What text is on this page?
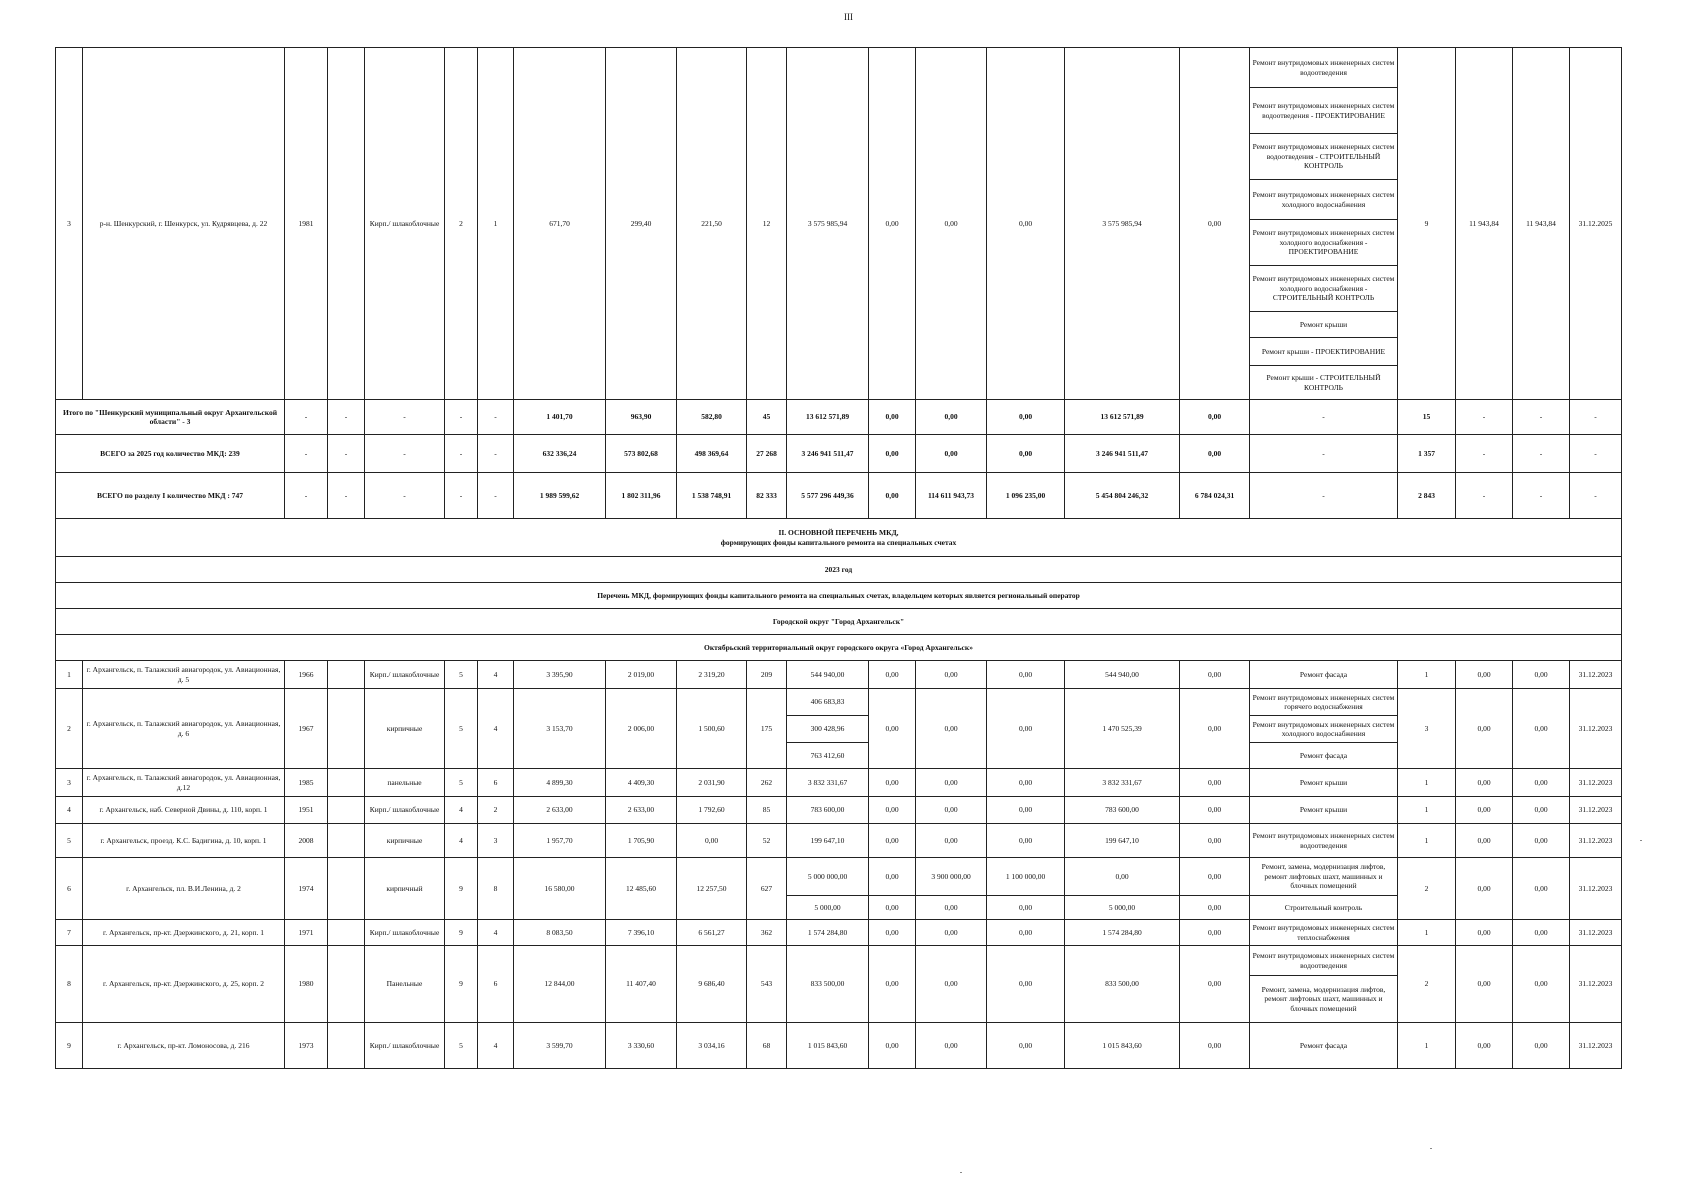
III
3	р-н. Шенкурский, г. Шенкурск, ул. Кудрявцева, д. 22	1981		Кирп./ шлакоблочные	2	1	671,70	299,40	221,50	12	3 575 985,94	0,00	0,00	0,00	3 575 985,94	0,00	Ремонт внутридомовых инженерных систем водоотведения	9	11 943,84	11 943,84	31.12.2025
																	Ремонт внутридомовых инженерных систем водоотведения - ПРОЕКТИРОВАНИЕ				
																	Ремонт внутридомовых инженерных систем водоотведения - СТРОИТЕЛЬНЫЙ КОНТРОЛЬ				
																	Ремонт внутридомовых инженерных систем холодного водоснабжения				
																	Ремонт внутридомовых инженерных систем холодного водоснабжения - ПРОЕКТИРОВАНИЕ				
																	Ремонт внутридомовых инженерных систем холодного водоснабжения - СТРОИТЕЛЬНЫЙ КОНТРОЛЬ				
																	Ремонт крыши				
																	Ремонт крыши - ПРОЕКТИРОВАНИЕ				
																	Ремонт крыши - СТРОИТЕЛЬНЫЙ КОНТРОЛЬ				
Итого по "Шенкурский муниципальный округ Архангельской области" - 3		-	-	-	-	-	1 401,70	963,90	582,80	45	13 612 571,89	0,00	0,00	0,00	13 612 571,89	0,00	-	15	-	-	-
ВСЕГО за 2025 год количество МКД: 239		-	-	-	-	-	632 336,24	573 802,68	498 369,64	27 268	3 246 941 511,47	0,00	0,00	0,00	3 246 941 511,47	0,00	-	1 357	-	-	-
ВСЕГО по разделу I количество МКД : 747		-	-	-	-	-	1 989 599,62	1 802 311,96	1 538 748,91	82 333	5 577 296 449,36	0,00	114 611 943,73	1 096 235,00	5 454 804 246,32	6 784 024,31	-	2 843	-	-	-

II. ОСНОВНОЙ ПЕРЕЧЕНЬ МКД,
формирующих фонды капитального ремонта на специальных счетах																					

2023 год																					
Перечень МКД, формирующих фонды капитального ремонта на специальных счетах, владельцем которых является региональный оператор																					
Городской округ "Город Архангельск"																					
Октябрьский территориальный округ городского округа «Город Архангельск»																					
1	г. Архангельск, п. Талажский авиагородок, ул. Авиационная, д. 5	1966		Кирп./ шлакоблочные	5	4	3 395,90	2 019,00	2 319,20	209	544 940,00	0,00	0,00	0,00	544 940,00	0,00	Ремонт фасада	1	0,00	0,00	31.12.2023
2	г. Архангельск, п. Талажский авиагородок, ул. Авиационная, д. 6	1967		кирпичные	5	4	3 153,70	2 006,00	1 500,60	175	406 683,83	0,00	0,00	0,00	1 470 525,39	0,00	Ремонт внутридомовых инженерных систем горячего водоснабжения	3	0,00	0,00	31.12.2023
											300 428,96						Ремонт внутридомовых инженерных систем холодного водоснабжения				
											763 412,60						Ремонт фасада				
3	г. Архангельск, п. Талажский авиагородок, ул. Авиационная, д.12	1985		панельные	5	6	4 899,30	4 409,30	2 031,90	262	3 832 331,67	0,00	0,00	0,00	3 832 331,67	0,00	Ремонт крыши	1	0,00	0,00	31.12.2023
4	г. Архангельск, наб. Северной Двины, д. 110, корп. 1	1951		Кирп./ шлакоблочные	4	2	2 633,00	2 633,00	1 792,60	85	783 600,00	0,00	0,00	0,00	783 600,00	0,00	Ремонт крыши	1	0,00	0,00	31.12.2023
5	г. Архангельск, проезд. К.С. Бадигина, д. 10, корп. 1	2008		кирпичные	4	3	1 957,70	1 705,90	0,00	52	199 647,10	0,00	0,00	0,00	199 647,10	0,00	Ремонт внутридомовых инженерных систем водоотведения	1	0,00	0,00	31.12.2023
6	г. Архангельск, пл. В.И.Ленина, д. 2	1974		кирпичный	9	8	16 580,00	12 485,60	12 257,50	627	5 000 000,00	0,00	3 900 000,00	1 100 000,00	0,00	0,00	Ремонт, замена, модернизация лифтов, ремонт лифтовых шахт, машинных и блочных помещений	2	0,00	0,00	31.12.2023
											5 000,00	0,00	0,00	0,00	5 000,00	0,00	Строительный контроль				
7	г. Архангельск, пр-кт. Дзержинского, д. 21, корп. 1	1971		Кирп./ шлакоблочные	9	4	8 083,50	7 396,10	6 561,27	362	1 574 284,80	0,00	0,00	0,00	1 574 284,80	0,00	Ремонт внутридомовых инженерных систем теплоснабжения	1	0,00	0,00	31.12.2023
8	г. Архангельск, пр-кт. Дзержинского, д. 25, корп. 2	1980		Панельные	9	6	12 844,00	11 407,40	9 686,40	543	833 500,00	0,00	0,00	0,00	833 500,00	0,00	Ремонт внутридомовых инженерных систем водоотведения	2	0,00	0,00	31.12.2023
																	Ремонт, замена, модернизация лифтов, ремонт лифтовых шахт, машинных и блочных помещений				
9	г. Архангельск, пр-кт. Ломоносова, д. 216	1973		Кирп./ шлакоблочные	5	4	3 599,70	3 330,60	3 034,16	68	1 015 843,60	0,00	0,00	0,00	1 015 843,60	0,00	Ремонт фасада	1	0,00	0,00	31.12.2023
